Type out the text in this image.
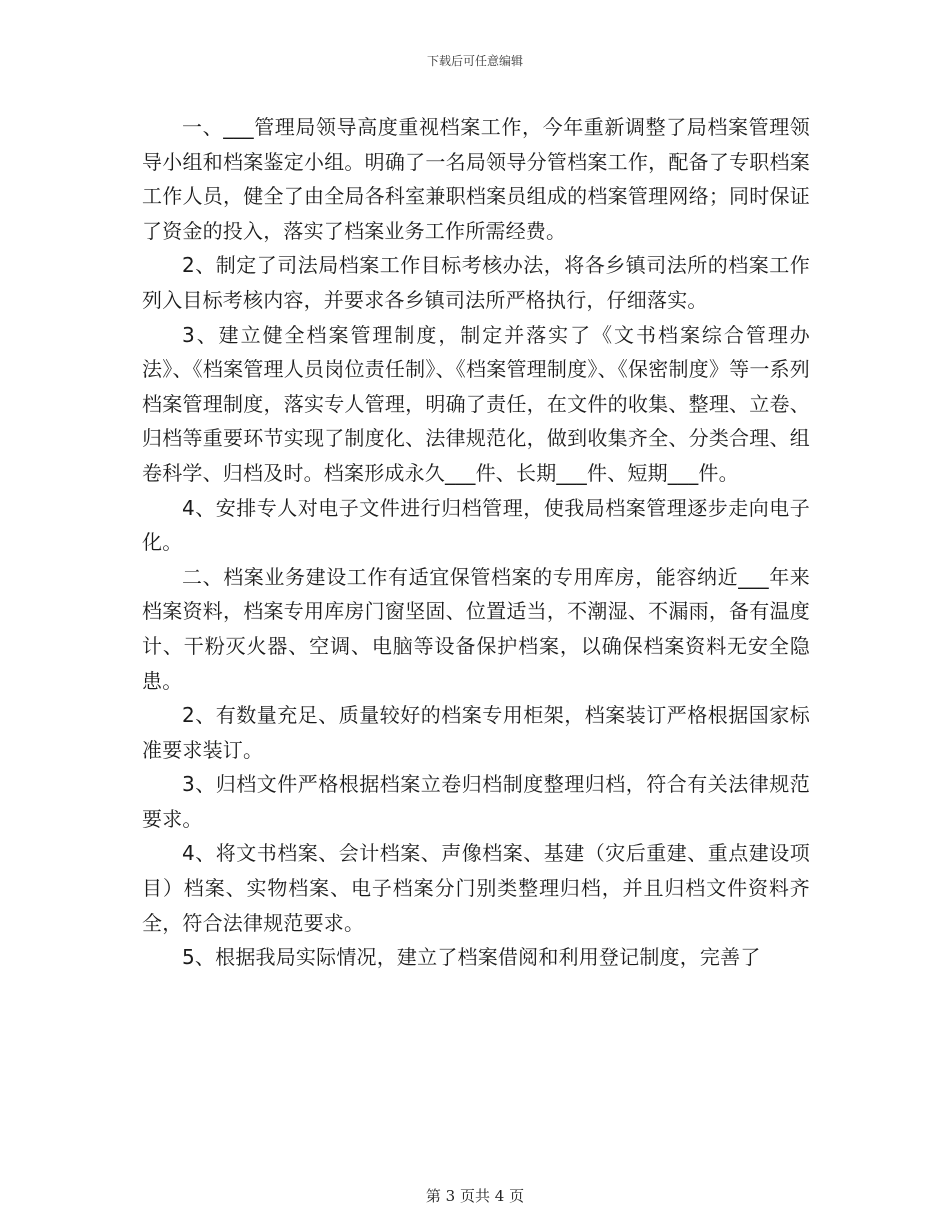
下载后可任意编辑

一、___管理局领导高度重视档案工作，今年重新调整了局档案管理领导小组和档案鉴定小组。明确了一名局领导分管档案工作，配备了专职档案工作人员，健全了由全局各科室兼职档案员组成的档案管理网络；同时保证了资金的投入，落实了档案业务工作所需经费。

2、制定了司法局档案工作目标考核办法，将各乡镇司法所的档案工作列入目标考核内容，并要求各乡镇司法所严格执行，仔细落实。

3、建立健全档案管理制度，制定并落实了《文书档案综合管理办法》、《档案管理人员岗位责任制》、《档案管理制度》、《保密制度》等一系列档案管理制度，落实专人管理，明确了责任，在文件的收集、整理、立卷、归档等重要环节实现了制度化、法律规范化，做到收集齐全、分类合理、组卷科学、归档及时。档案形成永久___件、长期___件、短期___件。

4、安排专人对电子文件进行归档管理，使我局档案管理逐步走向电子化。

二、档案业务建设工作有适宜保管档案的专用库房，能容纳近___年来档案资料，档案专用库房门窗坚固、位置适当，不潮湿、不漏雨，备有温度计、干粉灭火器、空调、电脑等设备保护档案，以确保档案资料无安全隐患。

2、有数量充足、质量较好的档案专用柜架，档案装订严格根据国家标准要求装订。

3、归档文件严格根据档案立卷归档制度整理归档，符合有关法律规范要求。

4、将文书档案、会计档案、声像档案、基建（灾后重建、重点建设项目）档案、实物档案、电子档案分门别类整理归档，并且归档文件资料齐全，符合法律规范要求。

5、根据我局实际情况，建立了档案借阅和利用登记制度，完善了

第 3 页共 4 页
